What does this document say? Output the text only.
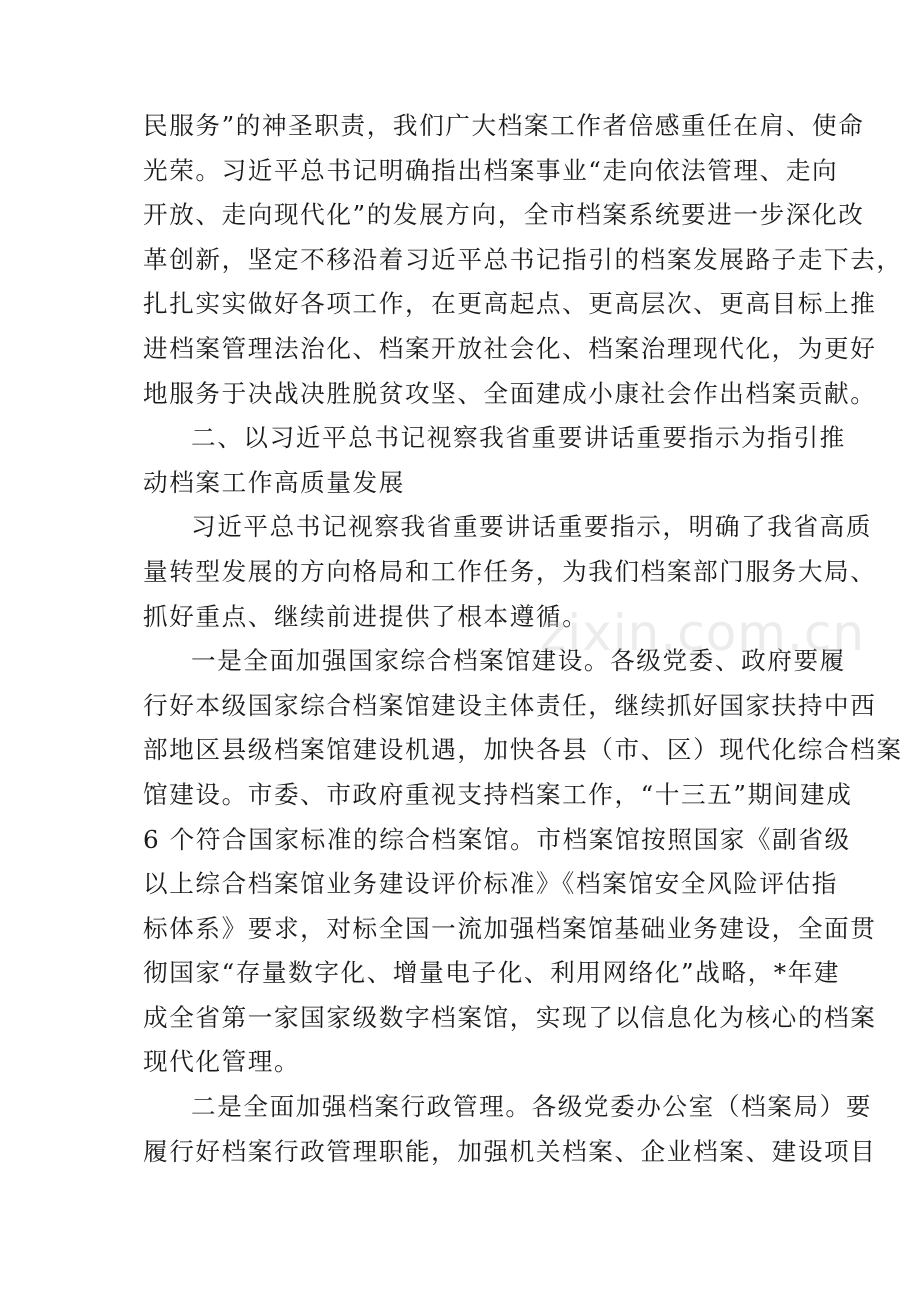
民服务”的神圣职责，我们广大档案工作者倍感重任在肩、使命
光荣。习近平总书记明确指出档案事业“走向依法管理、走向
开放、走向现代化”的发展方向，全市档案系统要进一步深化改
革创新，坚定不移沿着习近平总书记指引的档案发展路子走下去，
扎扎实实做好各项工作，在更高起点、更高层次、更高目标上推
进档案管理法治化、档案开放社会化、档案治理现代化，为更好
地服务于决战决胜脱贫攻坚、全面建成小康社会作出档案贡献。

二、以习近平总书记视察我省重要讲话重要指示为指引推
动档案工作高质量发展

习近平总书记视察我省重要讲话重要指示，明确了我省高质
量转型发展的方向格局和工作任务，为我们档案部门服务大局、
抓好重点、继续前进提供了根本遵循。

一是全面加强国家综合档案馆建设。各级党委、政府要履
行好本级国家综合档案馆建设主体责任，继续抓好国家扶持中西
部地区县级档案馆建设机遇，加快各县（市、区）现代化综合档案
馆建设。市委、市政府重视支持档案工作，“十三五”期间建成
6 个符合国家标准的综合档案馆。市档案馆按照国家《副省级
以上综合档案馆业务建设评价标准》《档案馆安全风险评估指
标体系》要求，对标全国一流加强档案馆基础业务建设，全面贯
彻国家“存量数字化、增量电子化、利用网络化”战略，*年建
成全省第一家国家级数字档案馆，实现了以信息化为核心的档案
现代化管理。

二是全面加强档案行政管理。各级党委办公室（档案局）要
履行好档案行政管理职能，加强机关档案、企业档案、建设项目

zixin.com.cn
